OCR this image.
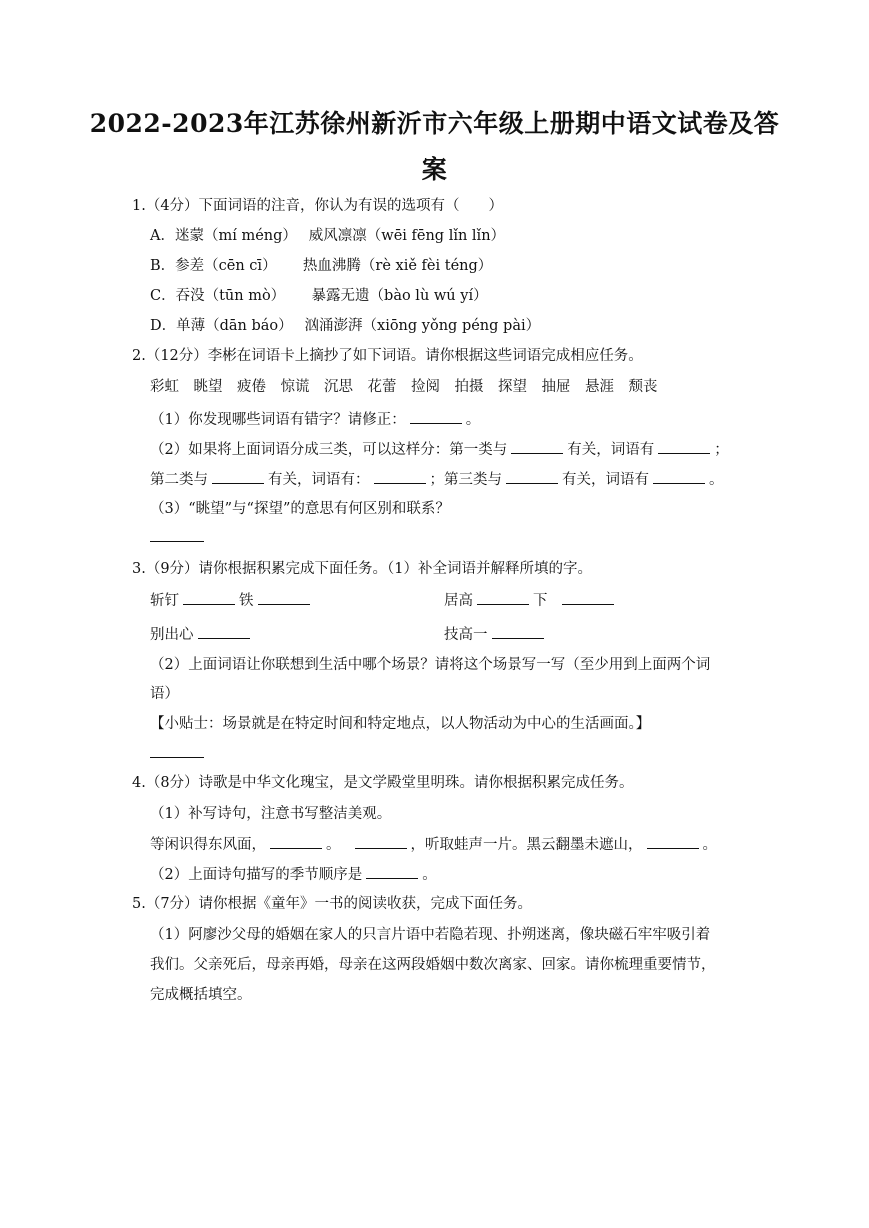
2022-2023年江苏徐州新沂市六年级上册期中语文试卷及答
案
1.（4分）下面词语的注音，你认为有误的选项有（　　）
A．迷蒙（mí méng）　 威风凛凛（wēi fēng lǐn lǐn）
B．参差（cēn cī）　　 热血沸腾（rè xiě fèi téng）
C．吞没（tūn mò）　　 暴露无遗（bào lù wú yí）
D．单薄（dān báo）　 汹涌澎湃（xiōng yǒng péng pài）
2.（12分）李彬在词语卡上摘抄了如下词语。请你根据这些词语完成相应任务。
彩虹　眺望　疲倦　惊谎　沉思　花蕾　捡阅　拍摄　探望　抽屉　悬涯　颓丧
（1）你发现哪些词语有错字？请修正：	。
（2）如果将上面词语分成三类，可以这样分：第一类与	有关，词语有	；
第二类与	有关，词语有：	；第三类与	有关，词语有	。
（3）“眺望”与“探望”的意思有何区别和联系？
3.（9分）请你根据积累完成下面任务。（1）补全词语并解释所填的字。
斩钉	铁	居高	下
别出心	技高一
（2）上面词语让你联想到生活中哪个场景？请将这个场景写一写（至少用到上面两个词
语）
【小贴士：场景就是在特定时间和特定地点，以人物活动为中心的生活画面。】
4.（8分）诗歌是中华文化瑰宝，是文学殿堂里明珠。请你根据积累完成任务。
（1）补写诗句，注意书写整洁美观。
等闲识得东风面，	。	，听取蛙声一片。黑云翻墨未遮山，	。
（2）上面诗句描写的季节顺序是	。
5.（7分）请你根据《童年》一书的阅读收获，完成下面任务。
（1）阿廖沙父母的婚姻在家人的只言片语中若隐若现、扑朔迷离，像块磁石牢牢吸引着
我们。父亲死后，母亲再婚，母亲在这两段婚姻中数次离家、回家。请你梳理重要情节，
完成概括填空。
